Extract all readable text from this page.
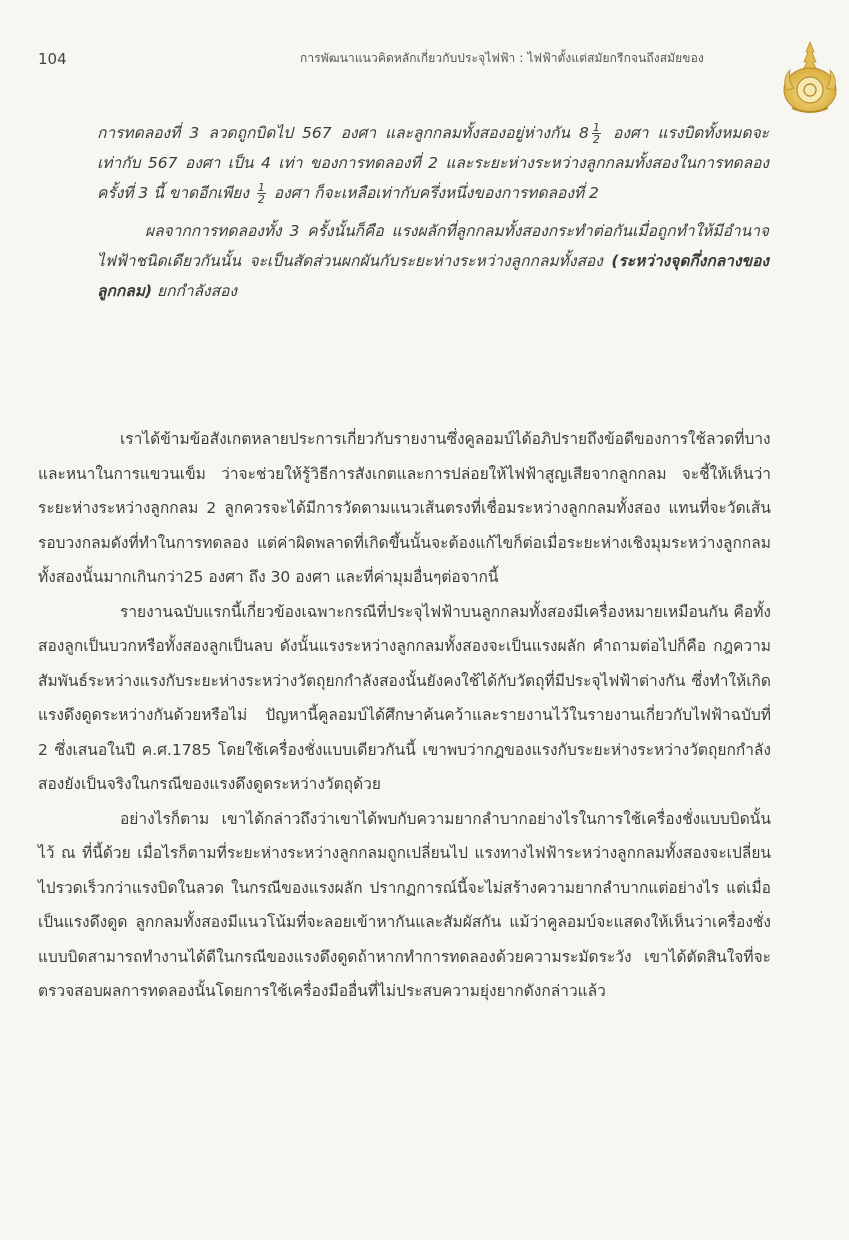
104	การพัฒนาแนวคิดหลักเกี่ยวกับประจุไฟฟ้า : ไฟฟ้าตั้งแต่สมัยกรีกจนถึงสมัยของ

การทดลองที่ 3 ลวดถูกบิดไป 567 องศา และลูกกลมทั้งสองอยู่ห่างกัน $8 \frac{1}{2}$ องศา แรงบิดทั้งหมดจะเท่ากับ 567 องศา เป็น 4 เท่า ของการทดลองที่ 2 และระยะห่างระหว่างลูกกลมทั้งสองในการทดลองครั้งที่ 3 นี้ ขาดอีกเพียง $\frac{1}{2}$ องศา ก็จะเหลือเท่ากับครึ่งหนึ่งของการทดลองที่ 2

ผลจากการทดลองทั้ง 3 ครั้งนั้นก็คือ แรงผลักที่ลูกกลมทั้งสองกระทำต่อกันเมื่อถูกทำให้มีอำนาจไฟฟ้าชนิดเดียวกันนั้น จะเป็นสัดส่วนผกผันกับระยะห่างระหว่างลูกกลมทั้งสอง (ระหว่างจุดกึ่งกลางของลูกกลม) ยกกำลังสอง

เราได้ข้ามข้อสังเกตหลายประการเกี่ยวกับรายงานซึ่งคูลอมบ์ได้อภิปรายถึงข้อดีของการใช้ลวดที่บางและหนาในการแขวนเข็ม ว่าจะช่วยให้รู้วิธีการสังเกตและการปล่อยให้ไฟฟ้าสูญเสียจากลูกกลม จะชี้ให้เห็นว่าระยะห่างระหว่างลูกกลม 2 ลูกควรจะได้มีการวัดตามแนวเส้นตรงที่เชื่อมระหว่างลูกกลมทั้งสอง แทนที่จะวัดเส้นรอบวงกลมดังที่ทำในการทดลอง แต่ค่าผิดพลาดที่เกิดขึ้นนั้นจะต้องแก้ไขก็ต่อเมื่อระยะห่างเชิงมุมระหว่างลูกกลมทั้งสองนั้นมากเกินกว่า25 องศา ถึง 30 องศา และที่ค่ามุมอื่นๆต่อจากนี้

รายงานฉบับแรกนี้เกี่ยวข้องเฉพาะกรณีที่ประจุไฟฟ้าบนลูกกลมทั้งสองมีเครื่องหมายเหมือนกัน คือทั้งสองลูกเป็นบวกหรือทั้งสองลูกเป็นลบ ดังนั้นแรงระหว่างลูกกลมทั้งสองจะเป็นแรงผลัก คำถามต่อไปก็คือ กฎความสัมพันธ์ระหว่างแรงกับระยะห่างระหว่างวัตถุยกกำลังสองนั้นยังคงใช้ได้กับวัตถุที่มีประจุไฟฟ้าต่างกัน ซึ่งทำให้เกิดแรงดึงดูดระหว่างกันด้วยหรือไม่ ปัญหานี้คูลอมบ์ได้ศึกษาค้นคว้าและรายงานไว้ในรายงานเกี่ยวกับไฟฟ้าฉบับที่ 2 ซึ่งเสนอในปี ค.ศ.1785 โดยใช้เครื่องชั่งแบบเดียวกันนี้ เขาพบว่ากฎของแรงกับระยะห่างระหว่างวัตถุยกกำลังสองยังเป็นจริงในกรณีของแรงดึงดูดระหว่างวัตถุด้วย

อย่างไรก็ตาม เขาได้กล่าวถึงว่าเขาได้พบกับความยากลำบากอย่างไรในการใช้เครื่องชั่งแบบบิดนั้นไว้ ณ ที่นี้ด้วย เมื่อไรก็ตามที่ระยะห่างระหว่างลูกกลมถูกเปลี่ยนไป แรงทางไฟฟ้าระหว่างลูกกลมทั้งสองจะเปลี่ยนไปรวดเร็วกว่าแรงบิดในลวด ในกรณีของแรงผลัก ปรากฏการณ์นี้จะไม่สร้างความยากลำบากแต่อย่างไร แต่เมื่อเป็นแรงดึงดูด ลูกกลมทั้งสองมีแนวโน้มที่จะลอยเข้าหากันและสัมผัสกัน แม้ว่าคูลอมบ์จะแสดงให้เห็นว่าเครื่องชั่งแบบบิดสามารถทำงานได้ดีในกรณีของแรงดึงดูดถ้าหากทำการทดลองด้วยความระมัดระวัง เขาได้ตัดสินใจที่จะตรวจสอบผลการทดลองนั้นโดยการใช้เครื่องมืออื่นที่ไม่ประสบความยุ่งยากดังกล่าวแล้ว
